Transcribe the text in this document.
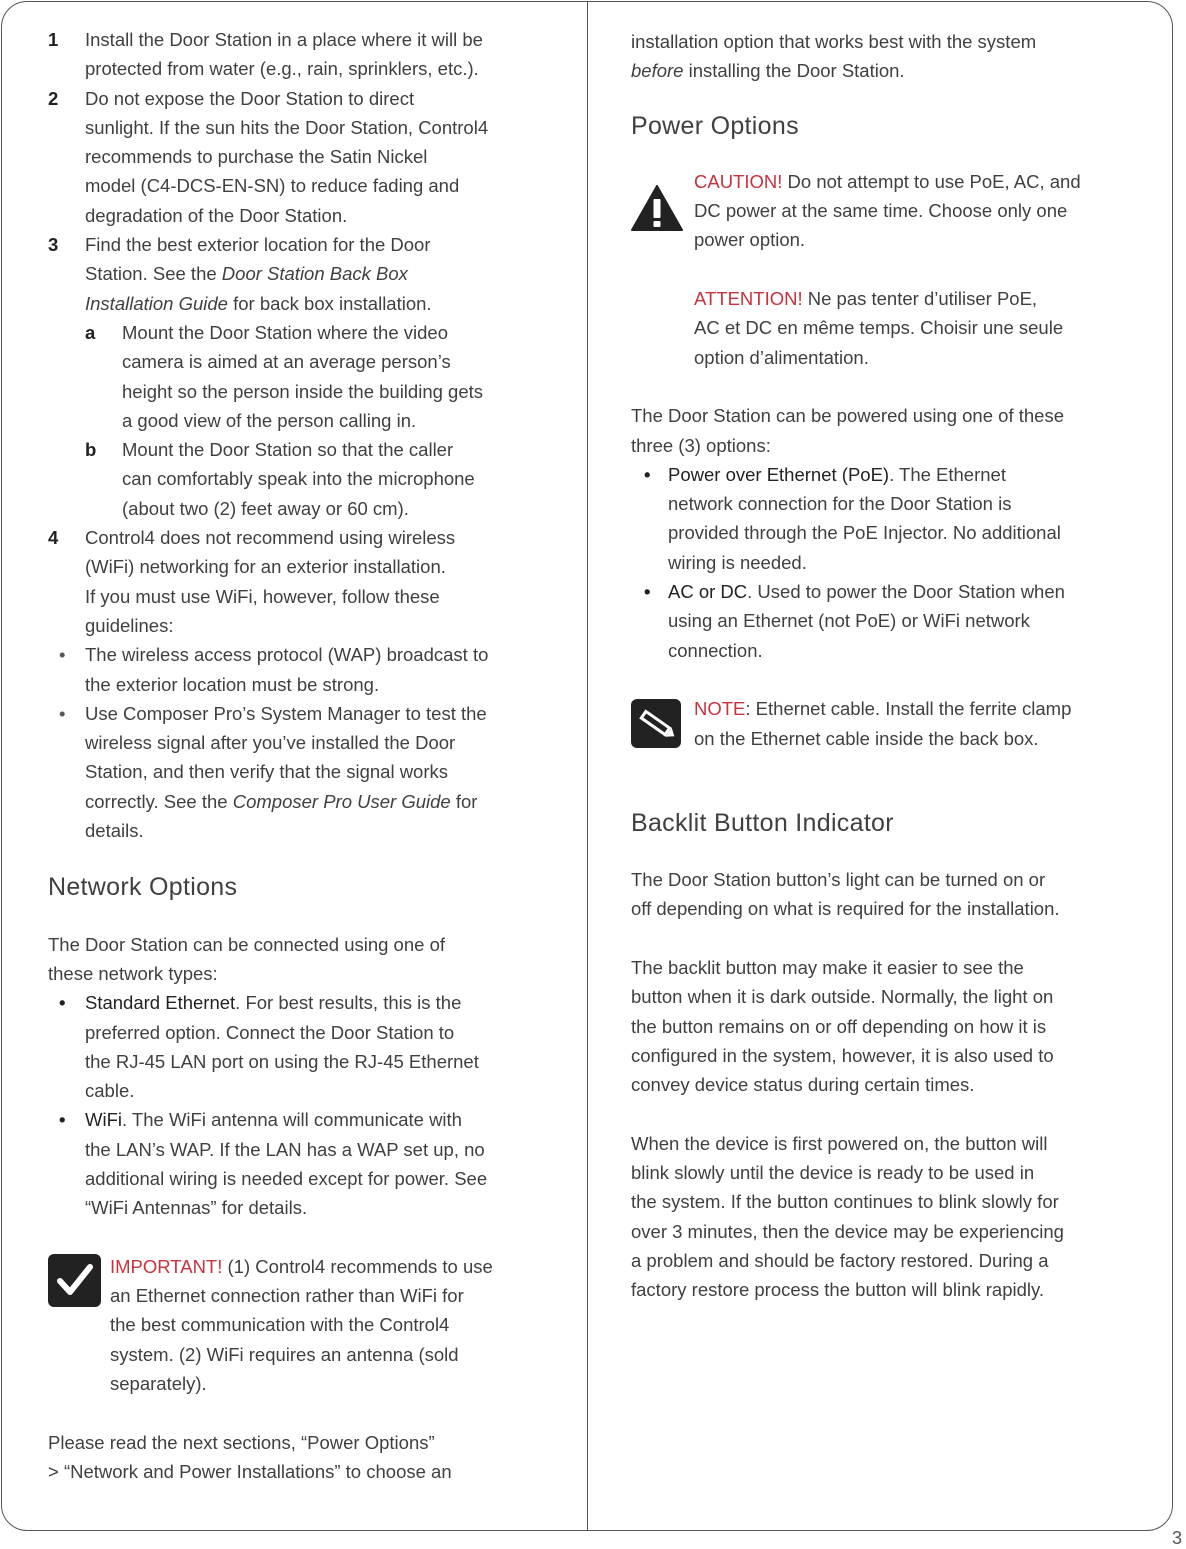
1 Install the Door Station in a place where it will be

protected from water (e.g., rain, sprinklers, etc.).

2 Do not expose the Door Station to direct

sunlight. If the sun hits the Door Station, Control4

recommends to purchase the Satin Nickel

model (C4-DCS-EN-SN) to reduce fading and

degradation of the Door Station.

3 Find the best exterior location for the Door

Station. See the Door Station Back Box

Installation Guide for back box installation.

a Mount the Door Station where the video

camera is aimed at an average person’s

height so the person inside the building gets

a good view of the person calling in.

b Mount the Door Station so that the caller

can comfortably speak into the microphone

(about two (2) feet away or 60 cm).

4 Control4 does not recommend using wireless

(WiFi) networking for an exterior installation.

If you must use WiFi, however, follow these

guidelines:

• The wireless access protocol (WAP) broadcast to

the exterior location must be strong.

• Use Composer Pro’s System Manager to test the

wireless signal after you’ve installed the Door

Station, and then verify that the signal works

correctly. See the Composer Pro User Guide for

details.

Network Options

The Door Station can be connected using one of

these network types:

• Standard Ethernet. For best results, this is the

preferred option. Connect the Door Station to

the RJ-45 LAN port on using the RJ-45 Ethernet

cable.

• WiFi. The WiFi antenna will communicate with

the LAN’s WAP. If the LAN has a WAP set up, no

additional wiring is needed except for power. See

“WiFi Antennas” for details.

IMPORTANT! (1) Control4 recommends to use

an Ethernet connection rather than WiFi for

the best communication with the Control4

system. (2) WiFi requires an antenna (sold

separately).

Please read the next sections, “Power Options”

> “Network and Power Installations” to choose an

installation option that works best with the system

before installing the Door Station.

Power Options

CAUTION! Do not attempt to use PoE, AC, and

DC power at the same time. Choose only one

power option.

ATTENTION! Ne pas tenter d’utiliser PoE,

AC et DC en même temps. Choisir une seule

option d’alimentation.

The Door Station can be powered using one of these

three (3) options:

• Power over Ethernet (PoE). The Ethernet

network connection for the Door Station is

provided through the PoE Injector. No additional

wiring is needed.

• AC or DC. Used to power the Door Station when

using an Ethernet (not PoE) or WiFi network

connection.

NOTE: Ethernet cable. Install the ferrite clamp

on the Ethernet cable inside the back box.

Backlit Button Indicator

The Door Station button’s light can be turned on or

off depending on what is required for the installation.

The backlit button may make it easier to see the

button when it is dark outside. Normally, the light on

the button remains on or off depending on how it is

configured in the system, however, it is also used to

convey device status during certain times.

When the device is first powered on, the button will

blink slowly until the device is ready to be used in

the system. If the button continues to blink slowly for

over 3 minutes, then the device may be experiencing

a problem and should be factory restored. During a

factory restore process the button will blink rapidly.

3
